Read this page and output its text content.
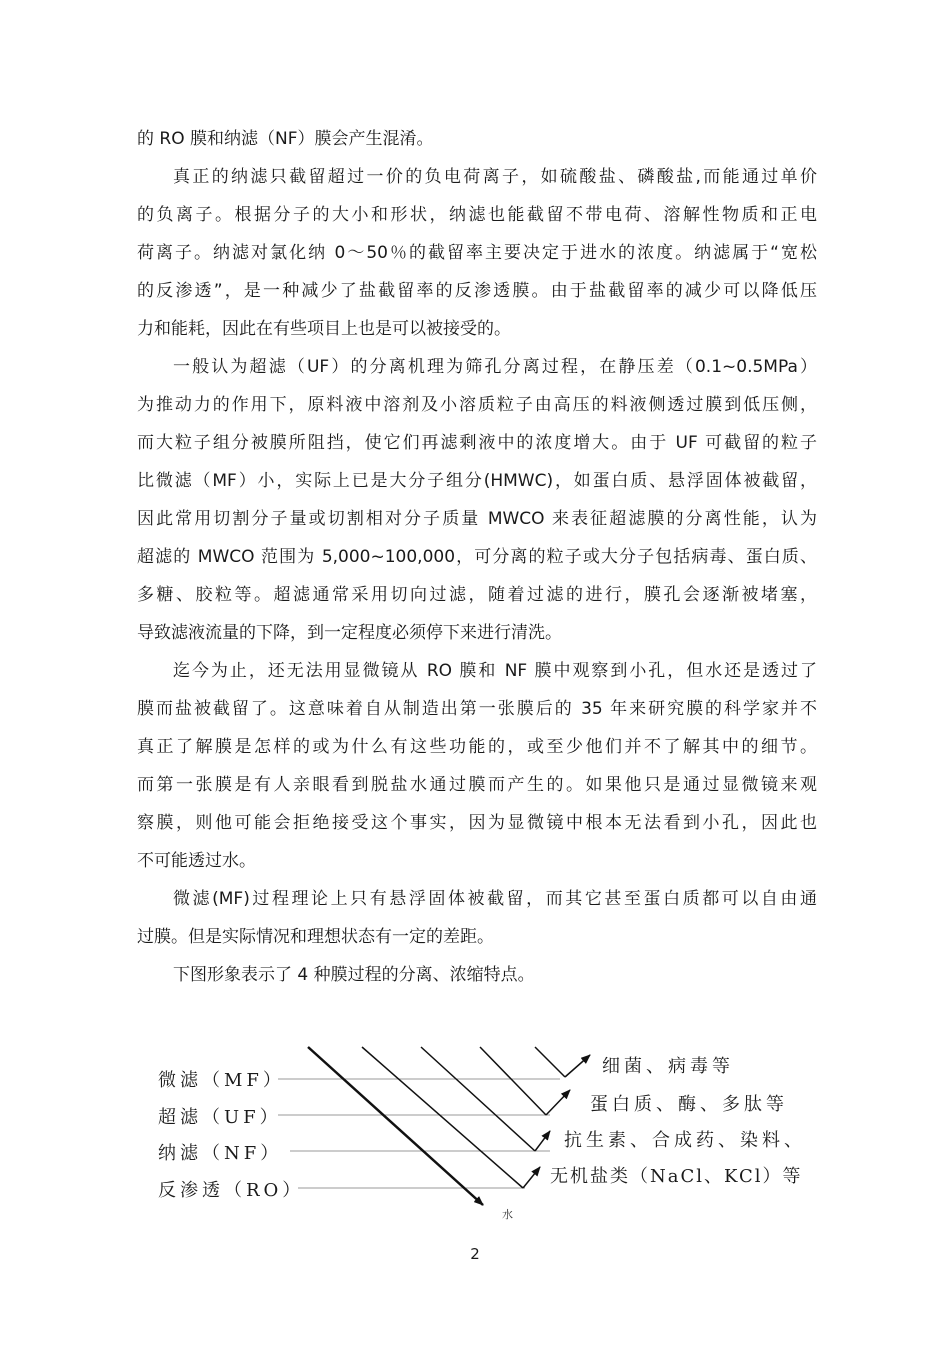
的 RO 膜和纳滤（NF）膜会产生混淆。
真正的纳滤只截留超过一价的负电荷离子，如硫酸盐、磷酸盐,而能通过单价
的负离子。根据分子的大小和形状，纳滤也能截留不带电荷、溶解性物质和正电
荷离子。纳滤对氯化纳 0～50％的截留率主要决定于进水的浓度。纳滤属于“宽松
的反渗透”，是一种减少了盐截留率的反渗透膜。由于盐截留率的减少可以降低压
力和能耗，因此在有些项目上也是可以被接受的。
一般认为超滤（UF）的分离机理为筛孔分离过程，在静压差（0.1~0.5MPa）
为推动力的作用下，原料液中溶剂及小溶质粒子由高压的料液侧透过膜到低压侧，
而大粒子组分被膜所阻挡，使它们再滤剩液中的浓度增大。由于 UF 可截留的粒子
比微滤（MF）小，实际上已是大分子组分(HMWC)，如蛋白质、悬浮固体被截留，
因此常用切割分子量或切割相对分子质量 MWCO 来表征超滤膜的分离性能，认为
超滤的 MWCO 范围为 5,000~100,000，可分离的粒子或大分子包括病毒、蛋白质、
多糖、胶粒等。超滤通常采用切向过滤，随着过滤的进行，膜孔会逐渐被堵塞，
导致滤液流量的下降，到一定程度必须停下来进行清洗。
迄今为止，还无法用显微镜从 RO 膜和 NF 膜中观察到小孔，但水还是透过了
膜而盐被截留了。这意味着自从制造出第一张膜后的 35 年来研究膜的科学家并不
真正了解膜是怎样的或为什么有这些功能的，或至少他们并不了解其中的细节。
而第一张膜是有人亲眼看到脱盐水通过膜而产生的。如果他只是通过显微镜来观
察膜，则他可能会拒绝接受这个事实，因为显微镜中根本无法看到小孔，因此也
不可能透过水。
微滤(MF)过程理论上只有悬浮固体被截留，而其它甚至蛋白质都可以自由通
过膜。但是实际情况和理想状态有一定的差距。
下图形象表示了 4 种膜过程的分离、浓缩特点。
微滤（MF）
超滤（UF）
纳滤（NF）
反渗透（RO）
细菌、病毒等
蛋白质、酶、多肽等
抗生素、合成药、染料、
无机盐类（NaCl、KCl）等
水
2
